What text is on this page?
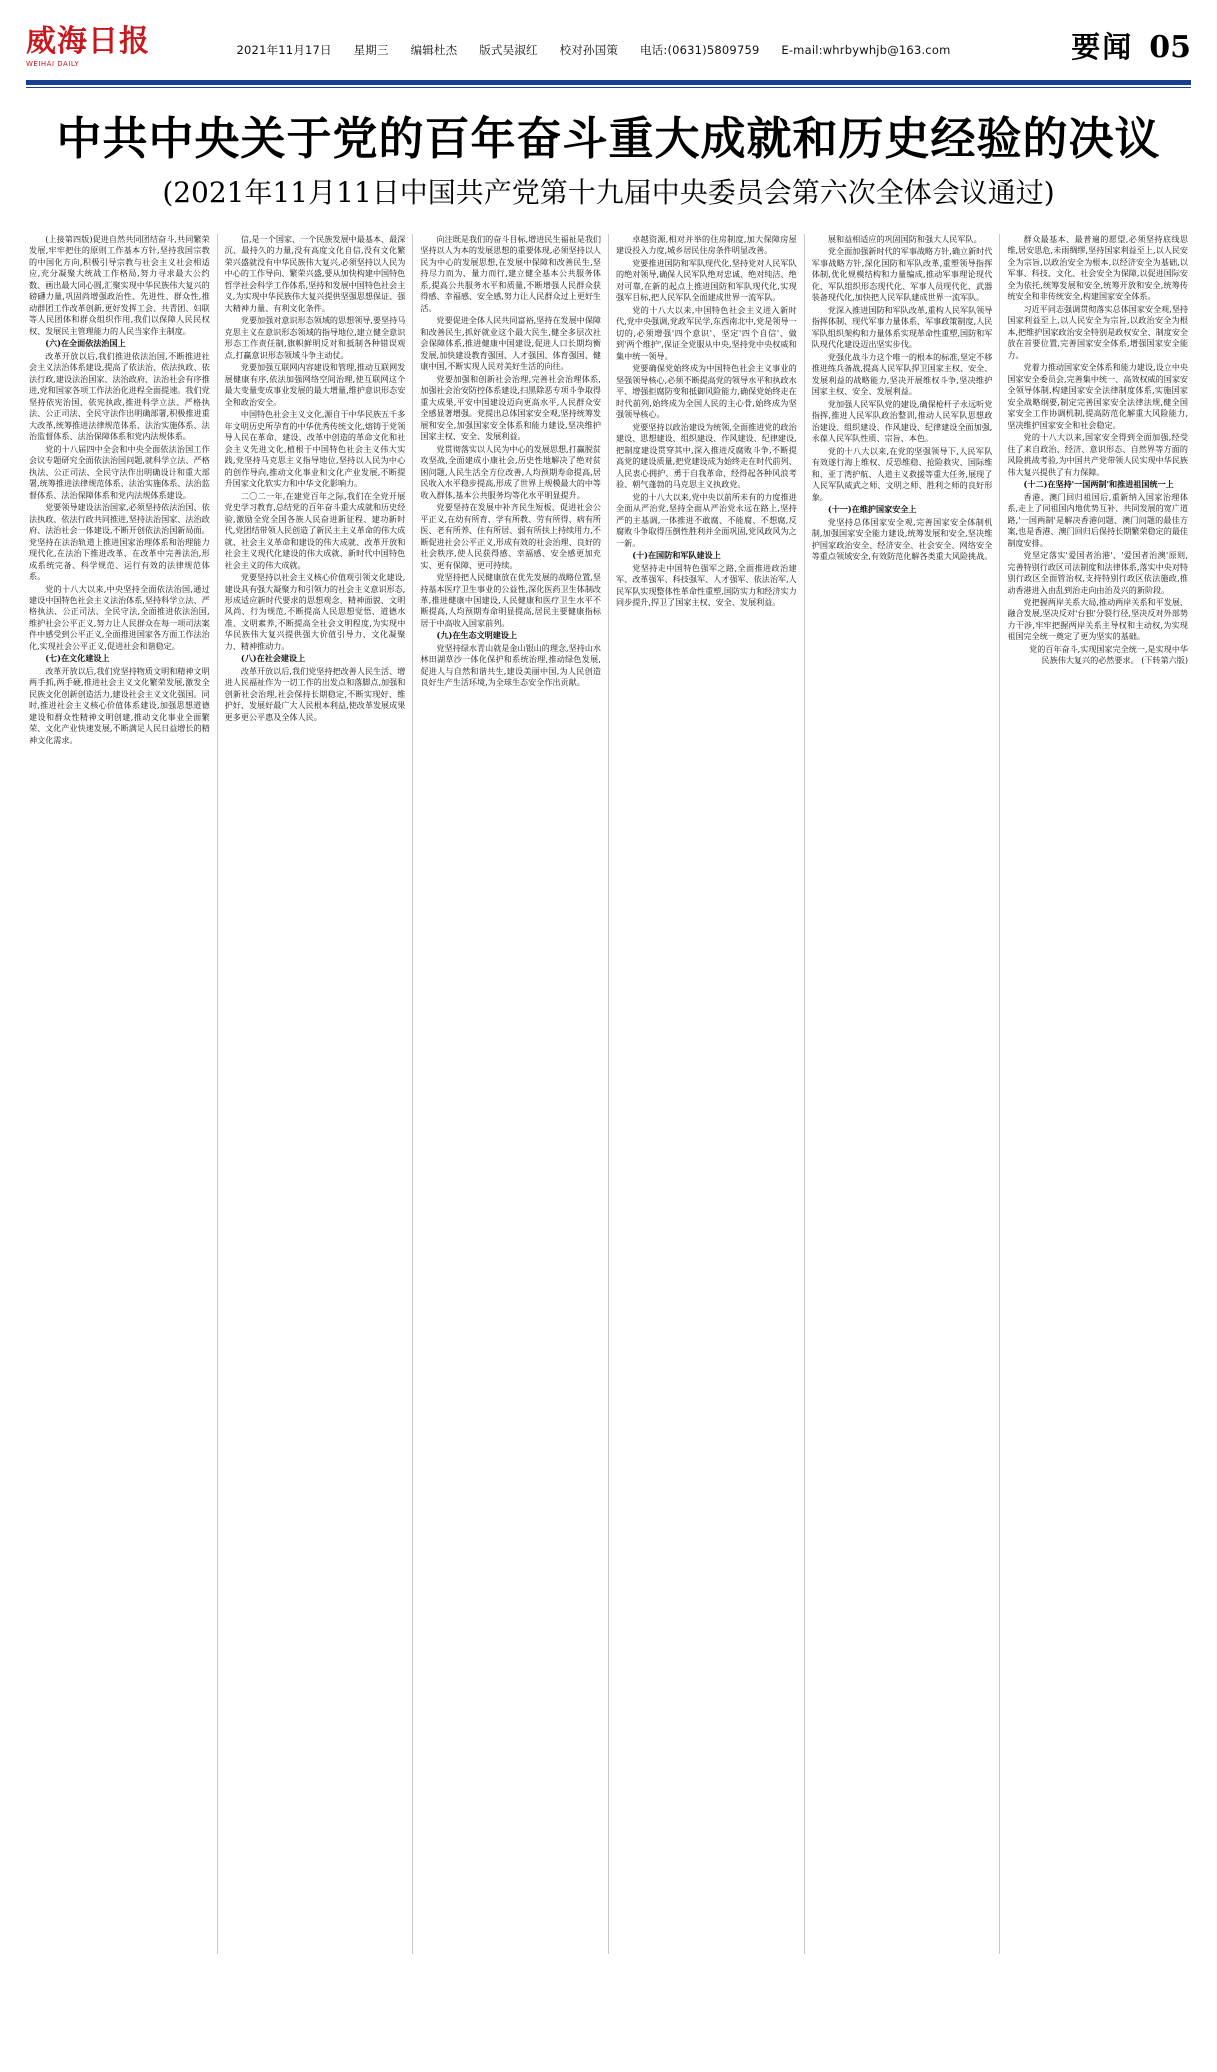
威海日报
WEIHAI DAILY
2021年11月17日 星期三 编辑杜杰 版式吴淑红 校对孙国策 电话:(0631)5809759 E-mail:whrbywhjb@163.com	要闻 05
中共中央关于党的百年奋斗重大成就和历史经验的决议
(2021年11月11日中国共产党第十九届中央委员会第六次全体会议通过)

(上接第四版)促进自然共同团结奋斗,共同繁荣发展,牢牢把住的原则工作基本方针,坚持我国宗教的中国化方向,积极引导宗教与社会主义社会相适应,充分凝聚大统战工作格局,努力寻求最大公约数、画出最大同心圆,汇聚实现中华民族伟大复兴的磅礴力量,巩固尚增强政治性、先进性、群众性,推动群团工作改革创新,更好发挥工会、共青团、妇联等人民团体和群众组织作用,我们以保障人民民权权、发展民主管理能力的人民当家作主制度。

(六)在全面依法治国上

改革开放以后,我们推进依法治国,不断推进社会主义法治体系建设,提高了依法治、依法执政、依法行政,建设法治国家、法治政府、法治社会有序推进,党和国家各项工作法治化进程全面提速。我们党坚持依宪治国、依宪执政,推进科学立法、严格执法、公正司法、全民守法作出明确部署,积极推进重大改革,统筹推进法律规范体系、法治实施体系、法治监督体系、法治保障体系和党内法规体系。

党的十八届四中全会和中央全面依法治国工作会议专题研究全面依法治国问题,就科学立法、严格执法、公正司法、全民守法作出明确设计和重大部署,统筹推进法律规范体系、法治实施体系、法治监督体系、法治保障体系和党内法规体系建设。

党要领导建设法治国家,必须坚持依法治国、依法执政、依法行政共同推进,坚持法治国家、法治政府、法治社会一体建设,不断开创依法治国新局面。党坚持在法治轨道上推进国家治理体系和治理能力现代化,在法治下推进改革、在改革中完善法治,形成系统完备、科学规范、运行有效的法律规范体系。

党的十八大以来,中央坚持全面依法治国,通过建设中国特色社会主义法治体系,坚持科学立法、严格执法、公正司法、全民守法,全面推进依法治国,维护社会公平正义,努力让人民群众在每一项司法案件中感受到公平正义,全面推进国家各方面工作法治化,实现社会公平正义,促进社会和谐稳定。

(七)在文化建设上

改革开放以后,我们党坚持物质文明和精神文明两手抓,两手硬,推进社会主义文化繁荣发展,激发全民族文化创新创造活力,建设社会主义文化强国。同时,推进社会主义核心价值体系建设,加强思想道德建设和群众性精神文明创建,推动文化事业全面繁荣、文化产业快速发展,不断满足人民日益增长的精神文化需求。

信,是一个国家、一个民族发展中最基本、最深沉、最持久的力量,没有高度文化自信,没有文化繁荣兴盛就没有中华民族伟大复兴,必须坚持以人民为中心的工作导向、繁荣兴盛,要从加快构建中国特色哲学社会科学工作体系,坚持和发展中国特色社会主义,为实现中华民族伟大复兴提供坚强思想保证、强大精神力量、有利文化条件。

党要加强对意识形态领域的思想领导,要坚持马克思主义在意识形态领域的指导地位,建立健全意识形态工作责任制,旗帜鲜明反对和抵制各种错误观点,打赢意识形态领域斗争主动仗。

党要加强互联网内容建设和管理,推动互联网发展健康有序,依法加强网络空间治理,使互联网这个最大变量变成事业发展的最大增量,维护意识形态安全和政治安全。

中国特色社会主义文化,源自于中华民族五千多年文明历史所孕育的中华优秀传统文化,熔铸于党领导人民在革命、建设、改革中创造的革命文化和社会主义先进文化,植根于中国特色社会主义伟大实践,党坚持马克思主义指导地位,坚持以人民为中心的创作导向,推动文化事业和文化产业发展,不断提升国家文化软实力和中华文化影响力。

二〇二一年,在建党百年之际,我们在全党开展党史学习教育,总结党的百年奋斗重大成就和历史经验,激励全党全国各族人民奋进新征程、建功新时代,党团结带领人民创造了新民主主义革命的伟大成就、社会主义革命和建设的伟大成就、改革开放和社会主义现代化建设的伟大成就、新时代中国特色社会主义的伟大成就。

党要坚持以社会主义核心价值观引领文化建设,建设具有强大凝聚力和引领力的社会主义意识形态,形成适应新时代要求的思想观念、精神面貌、文明风尚、行为规范,不断提高人民思想觉悟、道德水准、文明素养,不断提高全社会文明程度,为实现中华民族伟大复兴提供强大价值引导力、文化凝聚力、精神推动力。

(八)在社会建设上

改革开放以后,我们党坚持把改善人民生活、增进人民福祉作为一切工作的出发点和落脚点,加强和创新社会治理,社会保持长期稳定,不断实现好、维护好、发展好最广大人民根本利益,使改革发展成果更多更公平惠及全体人民。

向注既是我们的奋斗目标,增进民生福祉是我们坚持以人为本的发展思想的重要体现,必须坚持以人民为中心的发展思想,在发展中保障和改善民生,坚持尽力而为、量力而行,建立健全基本公共服务体系,提高公共服务水平和质量,不断增强人民群众获得感、幸福感、安全感,努力让人民群众过上更好生活。

党要促进全体人民共同富裕,坚持在发展中保障和改善民生,抓好就业这个最大民生,健全多层次社会保障体系,推进健康中国建设,促进人口长期均衡发展,加快建设教育强国、人才强国、体育强国、健康中国,不断实现人民对美好生活的向往。

党要加强和创新社会治理,完善社会治理体系,加强社会治安防控体系建设,扫黑除恶专项斗争取得重大成果,平安中国建设迈向更高水平,人民群众安全感显著增强。党提出总体国家安全观,坚持统筹发展和安全,加强国家安全体系和能力建设,坚决维护国家主权、安全、发展利益。

党贯彻落实以人民为中心的发展思想,打赢脱贫攻坚战,全面建成小康社会,历史性地解决了绝对贫困问题,人民生活全方位改善,人均预期寿命提高,居民收入水平稳步提高,形成了世界上规模最大的中等收入群体,基本公共服务均等化水平明显提升。

党要坚持在发展中补齐民生短板、促进社会公平正义,在幼有所育、学有所教、劳有所得、病有所医、老有所养、住有所居、弱有所扶上持续用力,不断促进社会公平正义,形成有效的社会治理、良好的社会秩序,使人民获得感、幸福感、安全感更加充实、更有保障、更可持续。

党坚持把人民健康放在优先发展的战略位置,坚持基本医疗卫生事业的公益性,深化医药卫生体制改革,推进健康中国建设,人民健康和医疗卫生水平不断提高,人均预期寿命明显提高,居民主要健康指标居于中高收入国家前列。

(九)在生态文明建设上

党坚持绿水青山就是金山银山的理念,坚持山水林田湖草沙一体化保护和系统治理,推动绿色发展,促进人与自然和谐共生,建设美丽中国,为人民创造良好生产生活环境,为全球生态安全作出贡献。

卓越资源,相对并举的住房制度,加大保障房屋建设投入力度,城乡居民住房条件明显改善。

党要推进国防和军队现代化,坚持党对人民军队的绝对领导,确保人民军队绝对忠诚、绝对纯洁、绝对可靠,在新的起点上推进国防和军队现代化,实现强军目标,把人民军队全面建成世界一流军队。

党的十八大以来,中国特色社会主义进入新时代,党中央强调,党政军民学,东西南北中,党是领导一切的,必须增强'四个意识'、坚定'四个自信'、做到'两个维护',保证全党服从中央,坚持党中央权威和集中统一领导。

党要确保党始终成为中国特色社会主义事业的坚强领导核心,必须不断提高党的领导水平和执政水平、增强拒腐防变和抵御风险能力,确保党始终走在时代前列,始终成为全国人民的主心骨,始终成为坚强领导核心。

党要坚持以政治建设为统领,全面推进党的政治建设、思想建设、组织建设、作风建设、纪律建设,把制度建设贯穿其中,深入推进反腐败斗争,不断提高党的建设质量,把党建设成为始终走在时代前列、人民衷心拥护、勇于自我革命、经得起各种风浪考验、朝气蓬勃的马克思主义执政党。

党的十八大以来,党中央以前所未有的力度推进全面从严治党,坚持全面从严治党永远在路上,坚持严的主基调,一体推进不敢腐、不能腐、不想腐,反腐败斗争取得压倒性胜利并全面巩固,党风政风为之一新。

(十)在国防和军队建设上

党坚持走中国特色强军之路,全面推进政治建军、改革强军、科技强军、人才强军、依法治军,人民军队实现整体性革命性重塑,国防实力和经济实力同步提升,捍卫了国家主权、安全、发展利益。

展和益相适应的巩固国防和强大人民军队。

党全面加强新时代的军事战略方针,确立新时代军事战略方针,深化国防和军队改革,重塑领导指挥体制,优化规模结构和力量编成,推动军事理论现代化、军队组织形态现代化、军事人员现代化、武器装备现代化,加快把人民军队建成世界一流军队。

党深入推进国防和军队改革,重构人民军队领导指挥体制、现代军事力量体系、军事政策制度,人民军队组织架构和力量体系实现革命性重塑,国防和军队现代化建设迈出坚实步伐。

党强化战斗力这个唯一的根本的标准,坚定不移推进练兵备战,提高人民军队捍卫国家主权、安全、发展利益的战略能力,坚决开展维权斗争,坚决维护国家主权、安全、发展利益。

党加强人民军队党的建设,确保枪杆子永远听党指挥,推进人民军队政治整训,推动人民军队思想政治建设、组织建设、作风建设、纪律建设全面加强,永葆人民军队性质、宗旨、本色。

党的十八大以来,在党的坚强领导下,人民军队有效遂行海上维权、反恐维稳、抢险救灾、国际维和、亚丁湾护航、人道主义救援等重大任务,展现了人民军队威武之师、文明之师、胜利之师的良好形象。

(十一)在维护国家安全上

党坚持总体国家安全观,完善国家安全体制机制,加强国家安全能力建设,统筹发展和安全,坚决维护国家政治安全、经济安全、社会安全、网络安全等重点领域安全,有效防范化解各类重大风险挑战。

群众最基本、最普遍的愿望,必须坚持底线思维,居安思危,未雨绸缪,坚持国家利益至上,以人民安全为宗旨,以政治安全为根本,以经济安全为基础,以军事、科技、文化、社会安全为保障,以促进国际安全为依托,统筹发展和安全,统筹开放和安全,统筹传统安全和非传统安全,构建国家安全体系。

习近平同志强调贯彻落实总体国家安全观,坚持国家利益至上,以人民安全为宗旨,以政治安全为根本,把维护国家政治安全特别是政权安全、制度安全放在首要位置,完善国家安全体系,增强国家安全能力。

党着力推动国家安全体系和能力建设,设立中央国家安全委员会,完善集中统一、高效权威的国家安全领导体制,构建国家安全法律制度体系,实施国家安全战略纲要,制定完善国家安全法律法规,健全国家安全工作协调机制,提高防范化解重大风险能力,坚决维护国家安全和社会稳定。

党的十八大以来,国家安全得到全面加强,经受住了来自政治、经济、意识形态、自然界等方面的风险挑战考验,为中国共产党带领人民实现中华民族伟大复兴提供了有力保障。

(十二)在坚持'一国两制'和推进祖国统一上

香港、澳门回归祖国后,重新纳入国家治理体系,走上了同祖国内地优势互补、共同发展的宽广道路,'一国两制'是解决香港问题、澳门问题的最佳方案,也是香港、澳门回归后保持长期繁荣稳定的最佳制度安排。

党坚定落实'爱国者治港'、'爱国者治澳'原则,完善特别行政区司法制度和法律体系,落实中央对特别行政区全面管治权,支持特别行政区依法施政,推动香港进入由乱到治走向由治及兴的新阶段。

党把握两岸关系大局,推动两岸关系和平发展、融合发展,坚决反对'台独'分裂行径,坚决反对外部势力干涉,牢牢把握两岸关系主导权和主动权,为实现祖国完全统一奠定了更为坚实的基础。

党的百年奋斗,实现国家完全统一,是实现中华民族伟大复兴的必然要求。 (下转第六版)
